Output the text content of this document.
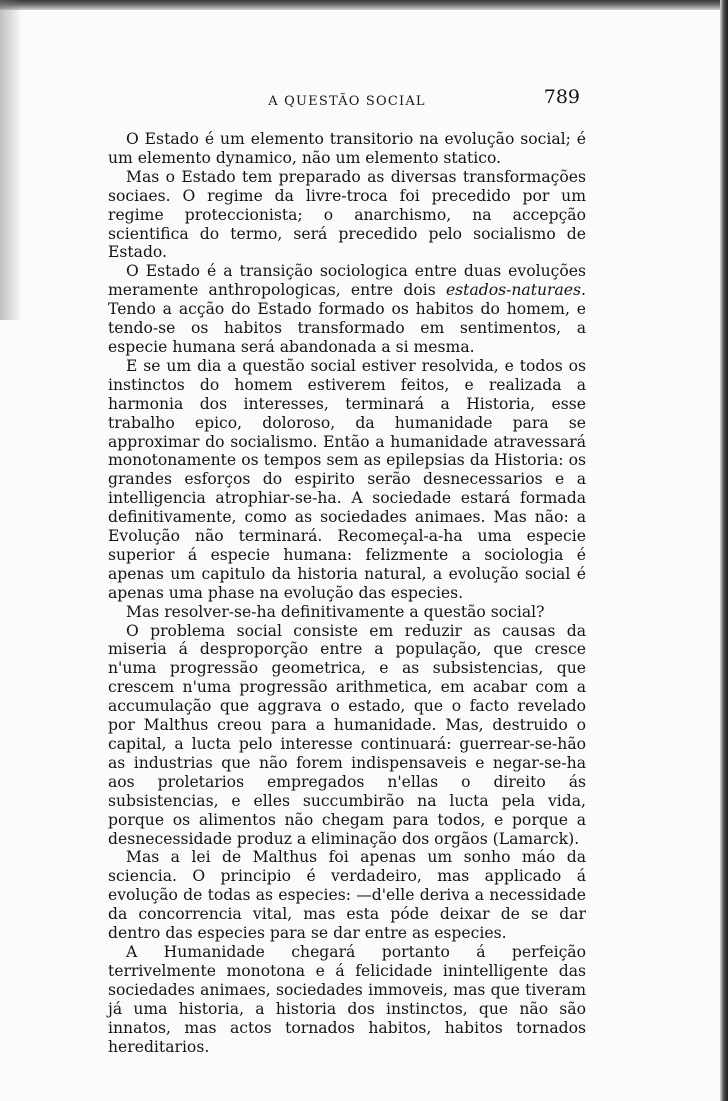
A QUESTÃO SOCIAL	789

O Estado é um elemento transitorio na evolução social; é um elemento dynamico, não um elemento statico.

Mas o Estado tem preparado as diversas transformações sociaes. O regime da livre-troca foi precedido por um regime proteccionista; o anarchismo, na accepção scientifica do termo, será precedido pelo socialismo de Estado.

O Estado é a transição sociologica entre duas evoluções meramente anthropologicas, entre dois estados-naturaes. Tendo a acção do Estado formado os habitos do homem, e tendo-se os habitos transformado em sentimentos, a especie humana será abandonada a si mesma.

E se um dia a questão social estiver resolvida, e todos os instinctos do homem estiverem feitos, e realizada a harmonia dos interesses, terminará a Historia, esse trabalho epico, doloroso, da humanidade para se approximar do socialismo. Então a humanidade atravessará monotonamente os tempos sem as epilepsias da Historia: os grandes esforços do espirito serão desnecessarios e a intelligencia atrophiar-se-ha. A sociedade estará formada definitivamente, como as sociedades animaes. Mas não: a Evolução não terminará. Recomeçal-a-ha uma especie superior á especie humana: felizmente a sociologia é apenas um capitulo da historia natural, a evolução social é apenas uma phase na evolução das especies.

Mas resolver-se-ha definitivamente a questão social?

O problema social consiste em reduzir as causas da miseria á desproporção entre a população, que cresce n'uma progressão geometrica, e as subsistencias, que crescem n'uma progressão arithmetica, em acabar com a accumulação que aggrava o estado, que o facto revelado por Malthus creou para a humanidade. Mas, destruido o capital, a lucta pelo interesse continuará: guerrear-se-hão as industrias que não forem indispensaveis e negar-se-ha aos proletarios empregados n'ellas o direito ás subsistencias, e elles succumbirão na lucta pela vida, porque os alimentos não chegam para todos, e porque a desnecessidade produz a eliminação dos orgãos (Lamarck).

Mas a lei de Malthus foi apenas um sonho máo da sciencia. O principio é verdadeiro, mas applicado á evolução de todas as especies: —d'elle deriva a necessidade da concorrencia vital, mas esta póde deixar de se dar dentro das especies para se dar entre as especies.

A Humanidade chegará portanto á perfeição terrivelmente monotona e á felicidade inintelligente das sociedades animaes, sociedades immoveis, mas que tiveram já uma historia, a historia dos instinctos, que não são innatos, mas actos tornados habitos, habitos tornados hereditarios.
